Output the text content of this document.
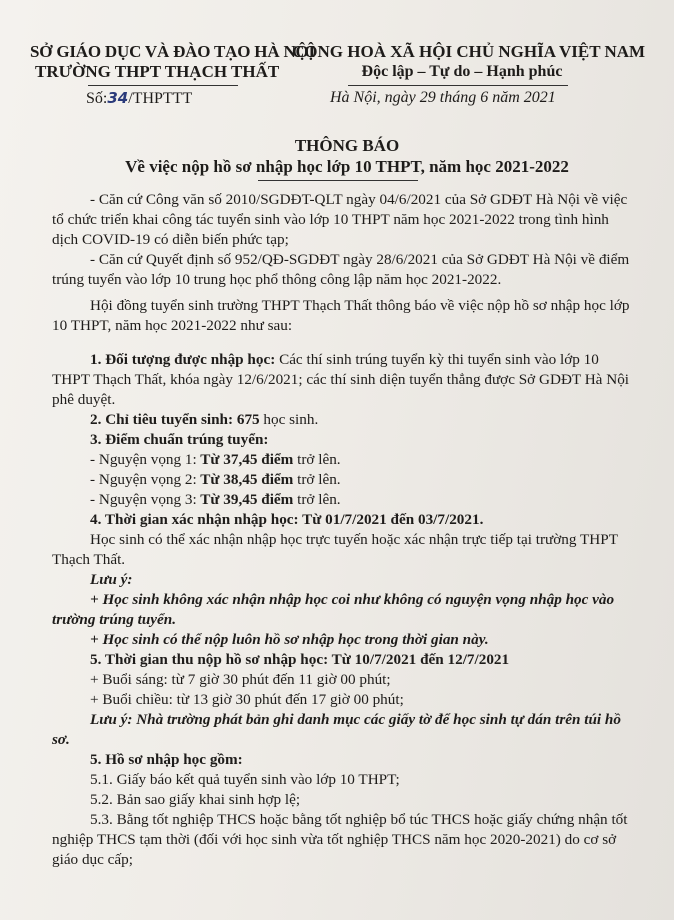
SỞ GIÁO DỤC VÀ ĐÀO TẠO HÀ NỘI
TRƯỜNG THPT THẠCH THẤT
CỘNG HOÀ XÃ HỘI CHỦ NGHĨA VIỆT NAM
Độc lập – Tự do – Hạnh phúc
Số:34/THPTTT	Hà Nội, ngày 29 tháng 6 năm 2021
THÔNG BÁO
Về việc nộp hồ sơ nhập học lớp 10 THPT, năm học 2021-2022

- Căn cứ Công văn số 2010/SGDĐT-QLT ngày 04/6/2021 của Sở GDĐT Hà Nội về việc tổ chức triển khai công tác tuyển sinh vào lớp 10 THPT năm học 2021-2022 trong tình hình dịch COVID-19 có diễn biến phức tạp;

- Căn cứ Quyết định số 952/QĐ-SGDĐT ngày 28/6/2021 của Sở GDĐT Hà Nội về điểm trúng tuyển vào lớp 10 trung học phổ thông công lập năm học 2021-2022.

Hội đồng tuyển sinh trường THPT Thạch Thất thông báo về việc nộp hồ sơ nhập học lớp 10 THPT, năm học 2021-2022 như sau:

1. Đối tượng được nhập học: Các thí sinh trúng tuyển kỳ thi tuyển sinh vào lớp 10 THPT Thạch Thất, khóa ngày 12/6/2021; các thí sinh diện tuyển thẳng được Sở GDĐT Hà Nội phê duyệt.

2. Chỉ tiêu tuyển sinh: 675 học sinh.

3. Điểm chuẩn trúng tuyển:

- Nguyện vọng 1: Từ 37,45 điểm trở lên.

- Nguyện vọng 2: Từ 38,45 điểm trở lên.

- Nguyện vọng 3: Từ 39,45 điểm trở lên.

4. Thời gian xác nhận nhập học: Từ 01/7/2021 đến 03/7/2021.

Học sinh có thể xác nhận nhập học trực tuyến hoặc xác nhận trực tiếp tại trường THPT Thạch Thất.

Lưu ý:

+ Học sinh không xác nhận nhập học coi như không có nguyện vọng nhập học vào trường trúng tuyển.

+ Học sinh có thể nộp luôn hồ sơ nhập học trong thời gian này.

5. Thời gian thu nộp hồ sơ nhập học: Từ 10/7/2021 đến 12/7/2021

+ Buổi sáng: từ 7 giờ 30 phút đến 11 giờ 00 phút;

+ Buổi chiều: từ 13 giờ 30 phút đến 17 giờ 00 phút;

Lưu ý: Nhà trường phát bản ghi danh mục các giấy tờ để học sinh tự dán trên túi hồ sơ.

5. Hồ sơ nhập học gồm:

5.1. Giấy báo kết quả tuyển sinh vào lớp 10 THPT;

5.2. Bản sao giấy khai sinh hợp lệ;

5.3. Bằng tốt nghiệp THCS hoặc bằng tốt nghiệp bổ túc THCS hoặc giấy chứng nhận tốt nghiệp THCS tạm thời (đối với học sinh vừa tốt nghiệp THCS năm học 2020-2021) do cơ sở giáo dục cấp;
